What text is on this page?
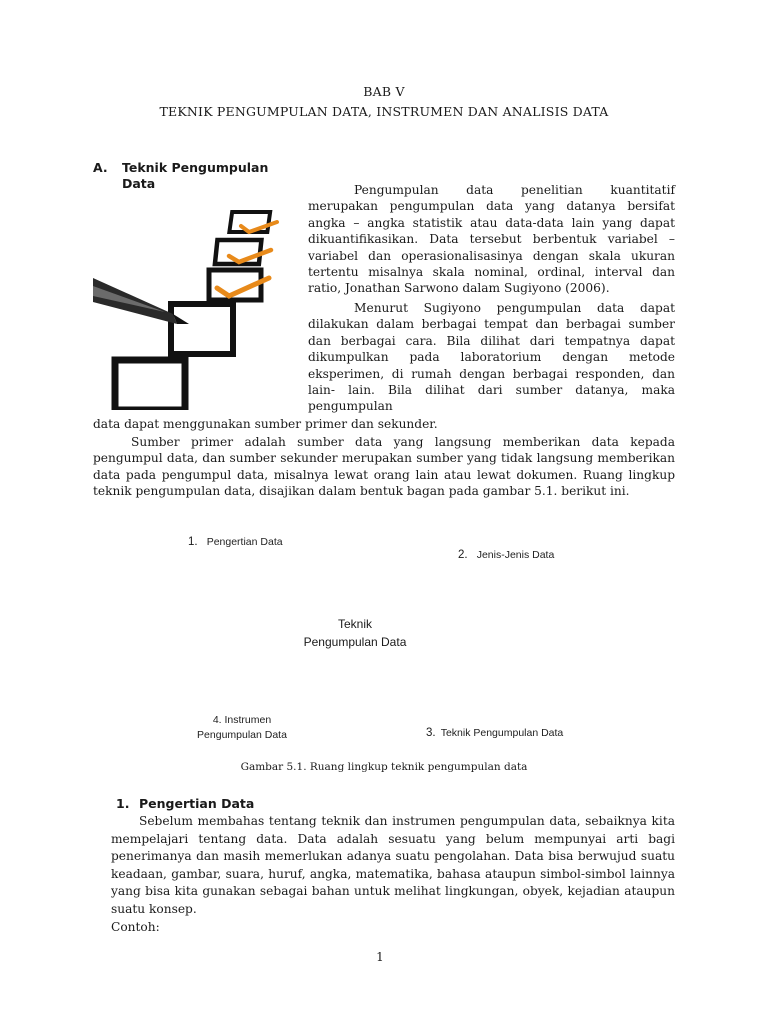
BAB V
TEKNIK PENGUMPULAN DATA, INSTRUMEN DAN ANALISIS DATA
A. Teknik Pengumpulan
Data	Pengumpulan data penelitian kuantitatif merupakan pengumpulan data yang datanya bersifat angka – angka statistik atau data-data lain yang dapat dikuantifikasikan. Data tersebut berbentuk variabel – variabel dan operasionalisasinya dengan skala ukuran tertentu misalnya skala nominal, ordinal, interval dan ratio, Jonathan Sarwono dalam Sugiyono (2006).

Menurut Sugiyono pengumpulan data dapat dilakukan dalam berbagai tempat dan berbagai sumber dan berbagai cara. Bila dilihat dari tempatnya dapat dikumpulkan pada laboratorium dengan metode eksperimen, di rumah dengan berbagai responden, dan lain- lain. Bila dilihat dari sumber datanya, maka pengumpulan

data dapat menggunakan sumber primer dan sekunder.

Sumber primer adalah sumber data yang langsung memberikan data kepada pengumpul data, dan sumber sekunder merupakan sumber yang tidak langsung memberikan data pada pengumpul data, misalnya lewat orang lain atau lewat dokumen. Ruang lingkup teknik pengumpulan data, disajikan dalam bentuk bagan pada gambar 5.1. berikut ini.

1. Pengertian Data
2. Jenis-Jenis Data
Teknik
Pengumpulan Data
4. Instrumen
Pengumpulan Data	3. Teknik Pengumpulan Data
Gambar 5.1. Ruang lingkup teknik pengumpulan data
1. Pengertian Data

Sebelum membahas tentang teknik dan instrumen pengumpulan data, sebaiknya kita mempelajari tentang data. Data adalah sesuatu yang belum mempunyai arti bagi penerimanya dan masih memerlukan adanya suatu pengolahan. Data bisa berwujud suatu keadaan, gambar, suara, huruf, angka, matematika, bahasa ataupun simbol-simbol lainnya yang bisa kita gunakan sebagai bahan untuk melihat lingkungan, obyek, kejadian ataupun suatu konsep.

Contoh:
1
